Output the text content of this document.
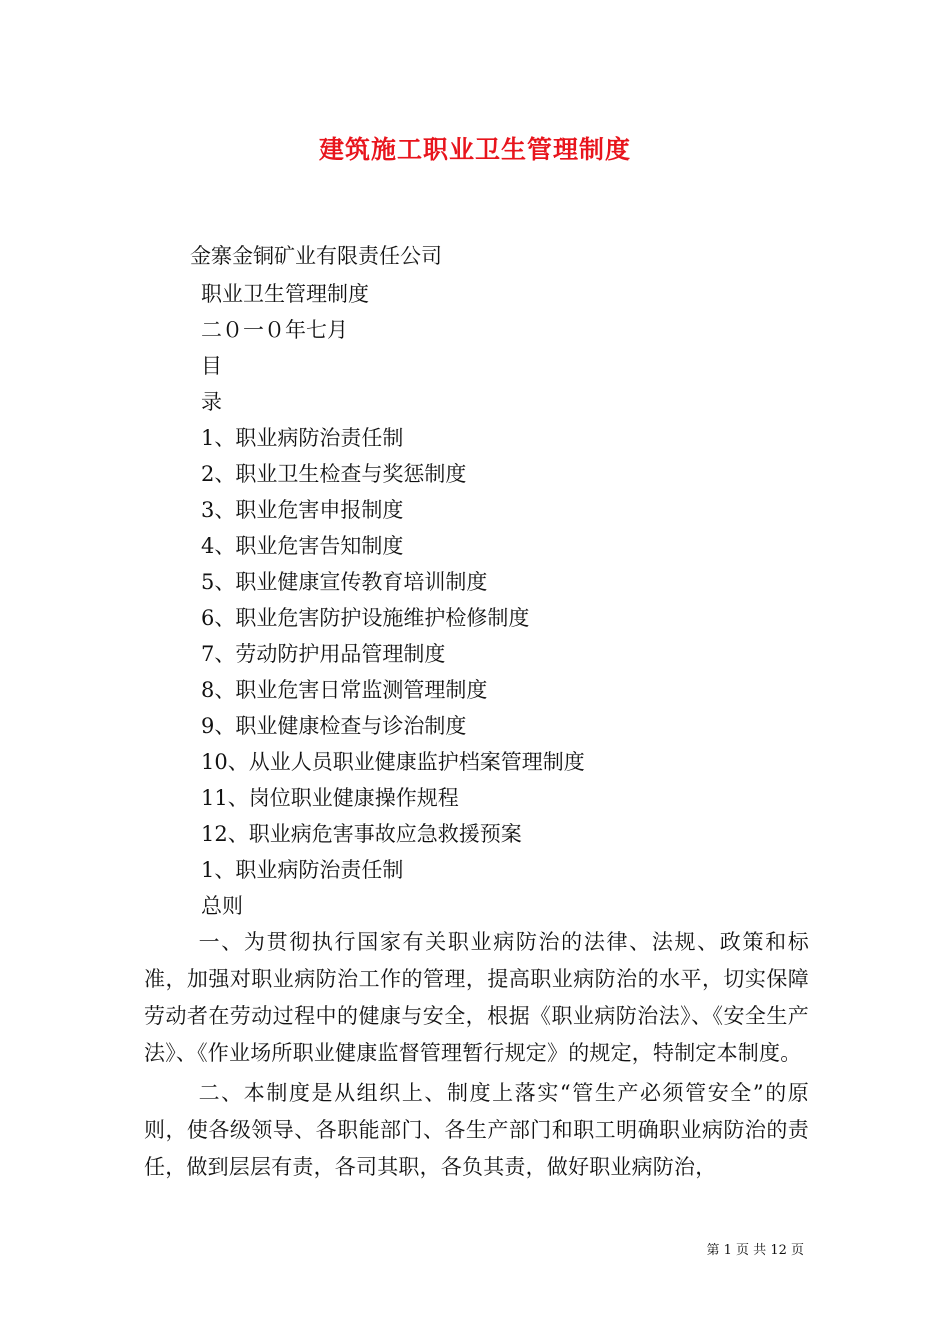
建筑施工职业卫生管理制度
金寨金铜矿业有限责任公司
职业卫生管理制度
二０一０年七月
目
录
1、职业病防治责任制
2、职业卫生检查与奖惩制度
3、职业危害申报制度
4、职业危害告知制度
5、职业健康宣传教育培训制度
6、职业危害防护设施维护检修制度
7、劳动防护用品管理制度
8、职业危害日常监测管理制度
9、职业健康检查与诊治制度
10、从业人员职业健康监护档案管理制度
11、岗位职业健康操作规程
12、职业病危害事故应急救援预案
1、职业病防治责任制
总则

一、为贯彻执行国家有关职业病防治的法律、法规、政策和标准，加强对职业病防治工作的管理，提高职业病防治的水平，切实保障劳动者在劳动过程中的健康与安全，根据《职业病防治法》、《安全生产法》、《作业场所职业健康监督管理暂行规定》的规定，特制定本制度。

二、本制度是从组织上、制度上落实“管生产必须管安全”的原则，使各级领导、各职能部门、各生产部门和职工明确职业病防治的责任，做到层层有责，各司其职，各负其责，做好职业病防治，

第 1 页 共 12 页
